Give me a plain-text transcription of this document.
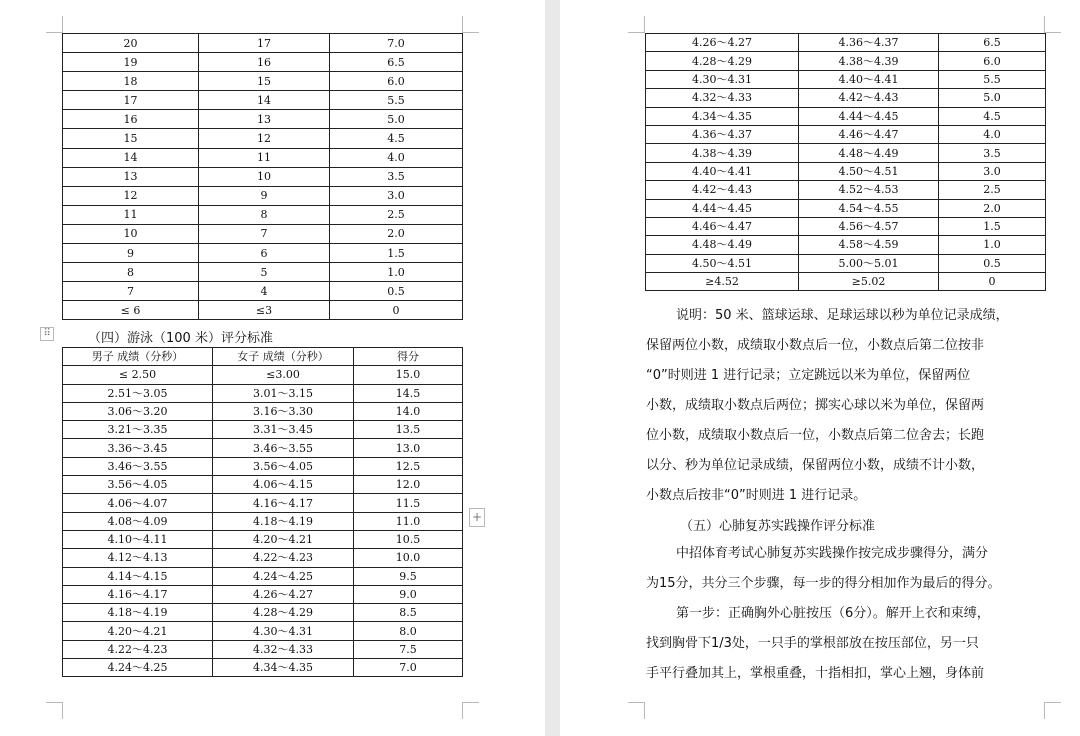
20	17	7.0
19	16	6.5
18	15	6.0
17	14	5.5
16	13	5.0
15	12	4.5
14	11	4.0
13	10	3.5
12	9	3.0
11	8	2.5
10	7	2.0
9	6	1.5
8	5	1.0
7	4	0.5
≤ 6	≤3	0
⠿	（四）游泳（100 米）评分标准

男子 成绩（分秒）	女子 成绩（分秒）	得分
≤ 2.50	≤3.00	15.0
2.51～3.05	3.01～3.15	14.5
3.06～3.20	3.16～3.30	14.0
3.21～3.35	3.31～3.45	13.5
3.36～3.45	3.46～3.55	13.0
3.46～3.55	3.56～4.05	12.5
3.56～4.05	4.06～4.15	12.0
4.06～4.07	4.16～4.17	11.5
4.08～4.09	4.18～4.19	11.0
4.10～4.11	4.20～4.21	10.5
4.12～4.13	4.22～4.23	10.0
4.14～4.15	4.24～4.25	9.5
4.16～4.17	4.26～4.27	9.0
4.18～4.19	4.28～4.29	8.5
4.20～4.21	4.30～4.31	8.0
4.22～4.23	4.32～4.33	7.5
4.24～4.25	4.34～4.35	7.0
+
4.26～4.27	4.36～4.37	6.5
4.28～4.29	4.38～4.39	6.0
4.30～4.31	4.40～4.41	5.5
4.32～4.33	4.42～4.43	5.0
4.34～4.35	4.44～4.45	4.5
4.36～4.37	4.46～4.47	4.0
4.38～4.39	4.48～4.49	3.5
4.40～4.41	4.50～4.51	3.0
4.42～4.43	4.52～4.53	2.5
4.44～4.45	4.54～4.55	2.0
4.46～4.47	4.56～4.57	1.5
4.48～4.49	4.58～4.59	1.0
4.50～4.51	5.00～5.01	0.5
≥4.52	≥5.02	0

说明：50 米、篮球运球、足球运球以秒为单位记录成绩，

保留两位小数，成绩取小数点后一位，小数点后第二位按非

“0”时则进 1 进行记录；立定跳远以米为单位，保留两位

小数，成绩取小数点后两位；掷实心球以米为单位，保留两

位小数，成绩取小数点后一位，小数点后第二位舍去；长跑

以分、秒为单位记录成绩，保留两位小数，成绩不计小数，

小数点后按非“0”时则进 1 进行记录。

（五）心肺复苏实践操作评分标准

中招体育考试心肺复苏实践操作按完成步骤得分，满分

为15分，共分三个步骤，每一步的得分相加作为最后的得分。

第一步：正确胸外心脏按压（6分）。解开上衣和束缚，

找到胸骨下1/3处，一只手的掌根部放在按压部位，另一只

手平行叠加其上，掌根重叠，十指相扣，掌心上翘，身体前
